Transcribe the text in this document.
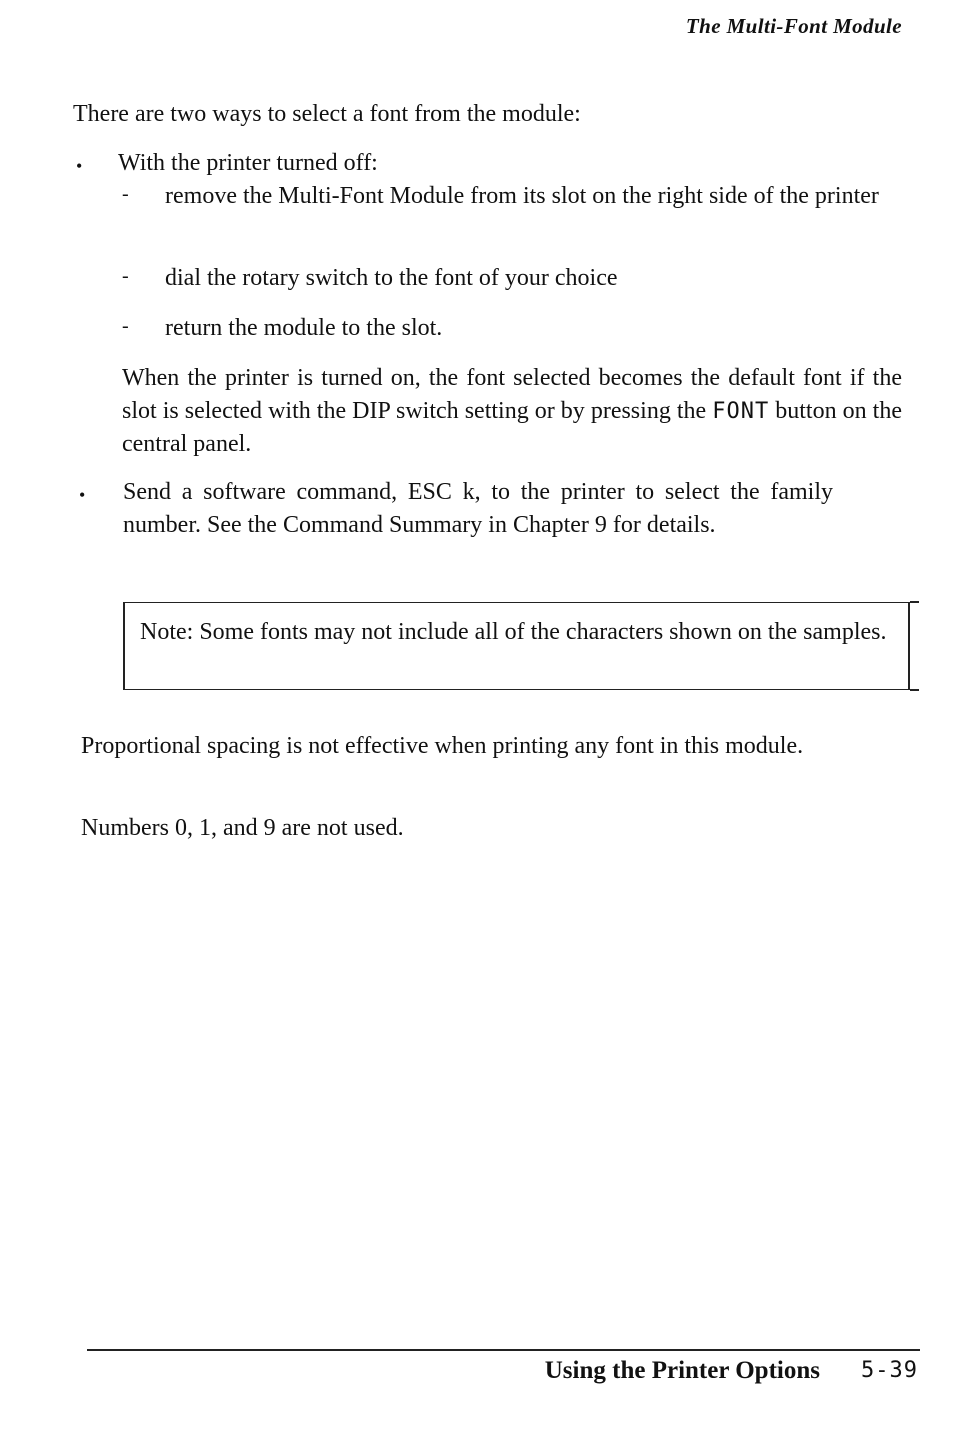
The Multi-Font Module
There are two ways to select a font from the module:
• With the printer turned off:
- remove the Multi-Font Module from its slot on the right side of the printer
- dial the rotary switch to the font of your choice
- return the module to the slot.
When the printer is turned on, the font selected becomes the default font if the slot is selected with the DIP switch setting or by pressing the FONT button on the central panel.
• Send a software command, ESC k, to the printer to select the family number. See the Command Summary in Chapter 9 for details.
Note: Some fonts may not include all of the characters shown on the samples.
Proportional spacing is not effective when printing any font in this module.
Numbers 0, 1, and 9 are not used.
Using the Printer Options 5-39
